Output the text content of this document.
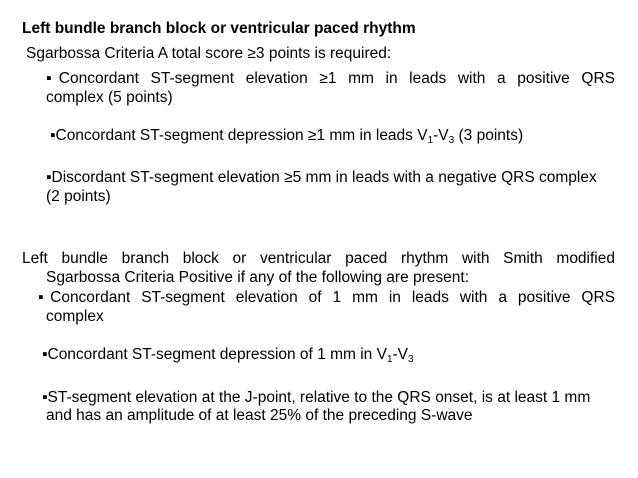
Left bundle branch block or ventricular paced rhythm
Sgarbossa Criteria A total score ≥3 points is required:
▪Concordant ST-segment elevation ≥1 mm in leads with a positive QRS
complex (5 points)
▪Concordant ST-segment depression ≥1 mm in leads $V_1-V_3$ (3 points)
▪Discordant ST-segment elevation ≥5 mm in leads with a negative QRS complex
(2 points)
Left bundle branch block or ventricular paced rhythm with Smith modified
Sgarbossa Criteria Positive if any of the following are present:
▪Concordant ST-segment elevation of 1 mm in leads with a positive QRS
complex
▪Concordant ST-segment depression of 1 mm in $V_1-V_3$
▪ST-segment elevation at the J-point, relative to the QRS onset, is at least 1 mm
and has an amplitude of at least 25% of the preceding S-wave
